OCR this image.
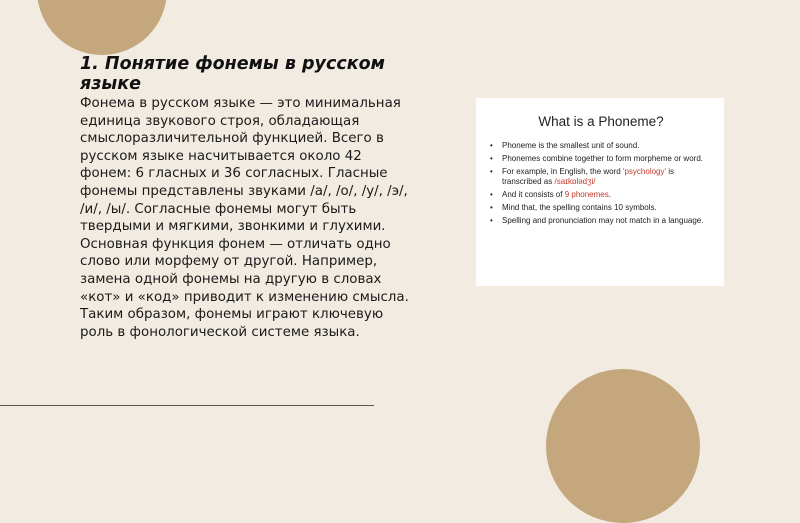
1. Понятие фонемы в русском языке

Фонема в русском языке — это минимальная единица звукового строя, обладающая смыслоразличительной функцией. Всего в русском языке насчитывается около 42 фонем: 6 гласных и 36 согласных. Гласные фонемы представлены звуками /а/, /о/, /у/, /э/, /и/, /ы/. Согласные фонемы могут быть твердыми и мягкими, звонкими и глухими. Основная функция фонем — отличать одно слово или морфему от другой. Например, замена одной фонемы на другую в словах «кот» и «код» приводит к изменению смысла. Таким образом, фонемы играют ключевую роль в фонологической системе языка.

What is a Phoneme?
• Phoneme is the smallest unit of sound.
• Phonemes combine together to form morpheme or word.
• For example, in English, the word 'psychology' is transcribed as /saɪkɒlədʒi/
• And it consists of 9 phonemes.
• Mind that, the spelling contains 10 symbols.
• Spelling and pronunciation may not match in a language.
